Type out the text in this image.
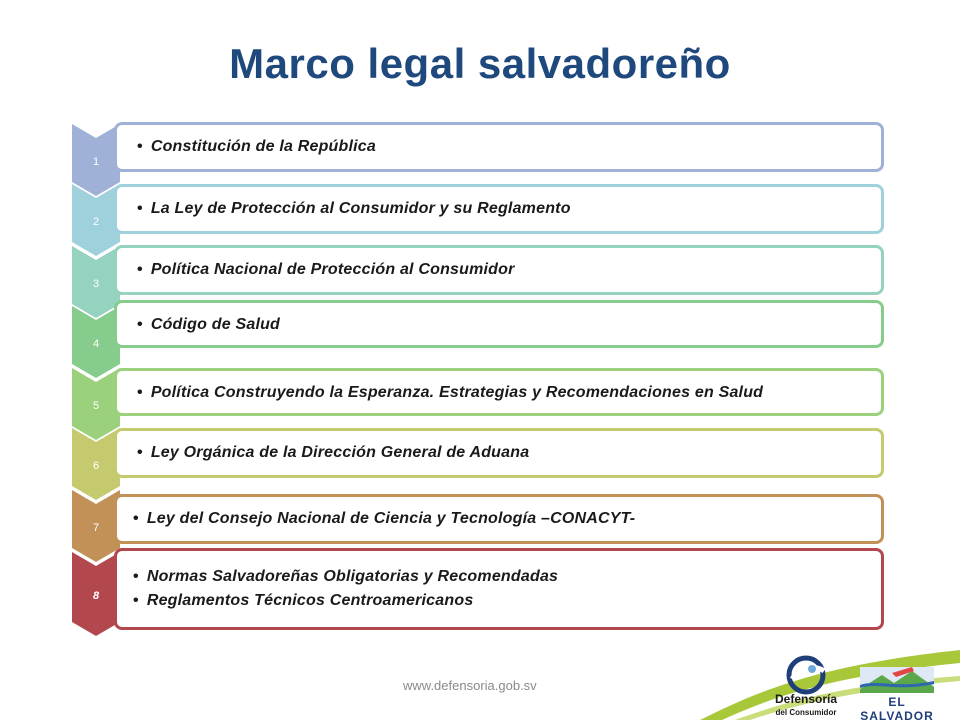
Marco legal salvadoreño
1
• Constitución de la República
2
• La Ley de Protección al Consumidor y su Reglamento
3
• Política Nacional de Protección al Consumidor
4
• Código de Salud
5
• Política Construyendo la Esperanza. Estrategias y Recomendaciones en Salud
6
• Ley Orgánica de la Dirección General de Aduana
7
• Ley del Consejo Nacional de Ciencia y Tecnología –CONACYT-
8
• Normas Salvadoreñas Obligatorias y Recomendadas
• Reglamentos Técnicos Centroamericanos
www.defensoria.gob.sv
Defensoría
del Consumidor
EL SALVADOR
